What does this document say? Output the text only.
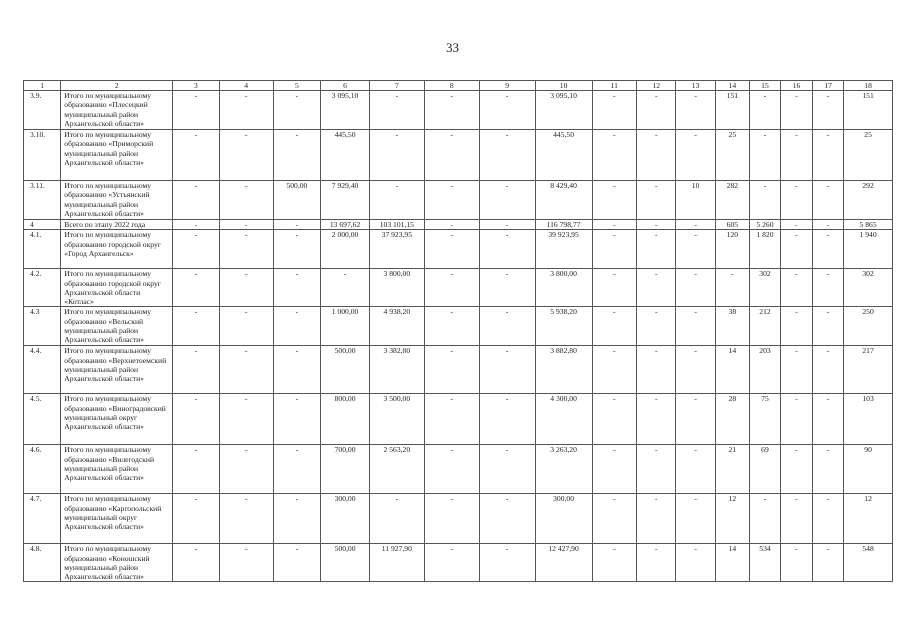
33
1	2	3	4	5	6	7	8	9	10	11	12	13	14	15	16	17	18
3.9.	Итого по муниципальному образованию «Плесецкий муниципальный район Архангельской области»	-	-	-	3 095,10	-	-	-	3 095,10	-	-	-	151	-	-	-	151
3.10.	Итого по муниципальному образованию «Приморский муниципальный район Архангельской области»	-	-	-	445,50	-	-	-	445,50	-	-	-	25	-	-	-	25
3.11.	Итого по муниципальному образованию «Устьянский муниципальный район Архангельской области»	-	-	500,00	7 929,40	-	-	-	8 429,40	-	-	10	282	-	-	-	292
4	Всего по этапу 2022 года	-	-	-	13 697,62	103 101,15	-	-	116 798,77	-	-	-	605	5 260	-	-	5 865
4.1.	Итого по муниципальному образованию городской округ «Город Архангельск»	-	-	-	2 000,00	37 923,95	-	-	39 923,95	-	-	-	120	1 820	-	-	1 940
4.2.	Итого по муниципальному образованию городской округ Архангельской области «Котлас»	-	-	-	-	3 800,00	-	-	3 800,00	-	-	-	-	302	-	-	302
4.3	Итого по муниципальному образованию «Вельский муниципальный район Архангельской области»	-	-	-	1 000,00	4 938,20	-	-	5 938,20	-	-	-	38	212	-	-	250
4.4.	Итого по муниципальному образованию «Верхнетоемский муниципальный район Архангельской области»	-	-	-	500,00	3 382,80	-	-	3 882,80	-	-	-	14	203	-	-	217
4.5.	Итого по муниципальному образованию «Виноградовский муниципальный округ Архангельской области»	-	-	-	800,00	3 500,00	-	-	4 300,00	-	-	-	28	75	-	-	103
4.6.	Итого по муниципальному образованию «Вилегодский муниципальный район Архангельской области»	-	-	-	700,00	2 563,20	-	-	3 263,20	-	-	-	21	69	-	-	90
4.7.	Итого по муниципальному образованию «Каргопольский муниципальный округ Архангельской области»	-	-	-	300,00	-	-	-	300,00	-	-	-	12	-	-	-	12
4.8.	Итого по муниципальному образованию «Коношский муниципальный район Архангельской области»	-	-	-	500,00	11 927,90	-	-	12 427,90	-	-	-	14	534	-	-	548
